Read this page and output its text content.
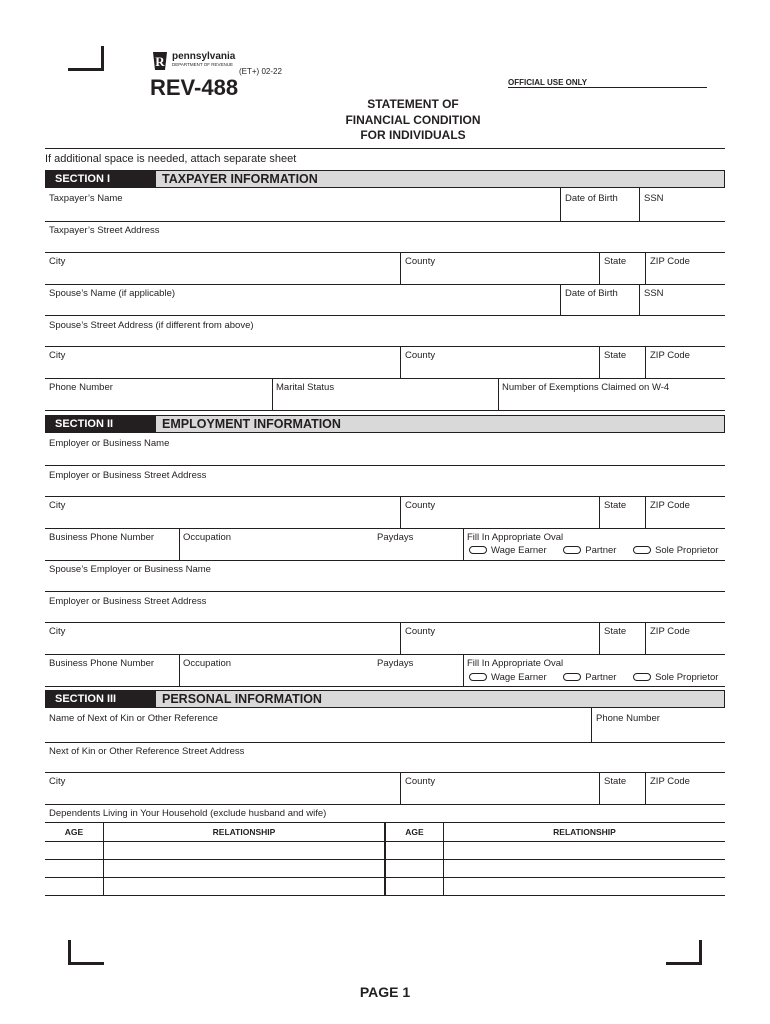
R pennsylvania
DEPARTMENT OF REVENUE
(ET+) 02-22
REV-488	OFFICIAL USE ONLY
STATEMENT OF
FINANCIAL CONDITION
FOR INDIVIDUALS
If additional space is needed, attach separate sheet
SECTION I	TAXPAYER INFORMATION
Taxpayer’s Name	Date of Birth	SSN
Taxpayer’s Street Address
City	County	State	ZIP Code
Spouse’s Name (if applicable)	Date of Birth	SSN
Spouse’s Street Address (if different from above)
City	County	State	ZIP Code
Phone Number	Marital Status	Number of Exemptions Claimed on W-4
SECTION II	EMPLOYMENT INFORMATION
Employer or Business Name
Employer or Business Street Address
City	County	State	ZIP Code
Business Phone Number	Occupation	Paydays	Fill In Appropriate Oval
Wage Earner	Partner	Sole Proprietor
Spouse’s Employer or Business Name
Employer or Business Street Address
City	County	State	ZIP Code
Business Phone Number	Occupation	Paydays	Fill In Appropriate Oval
Wage Earner	Partner	Sole Proprietor
SECTION III	PERSONAL INFORMATION
Name of Next of Kin or Other Reference	Phone Number
Next of Kin or Other Reference Street Address
City	County	State	ZIP Code
Dependents Living in Your Household (exclude husband and wife)
AGE	RELATIONSHIP	AGE	RELATIONSHIP
PAGE 1
